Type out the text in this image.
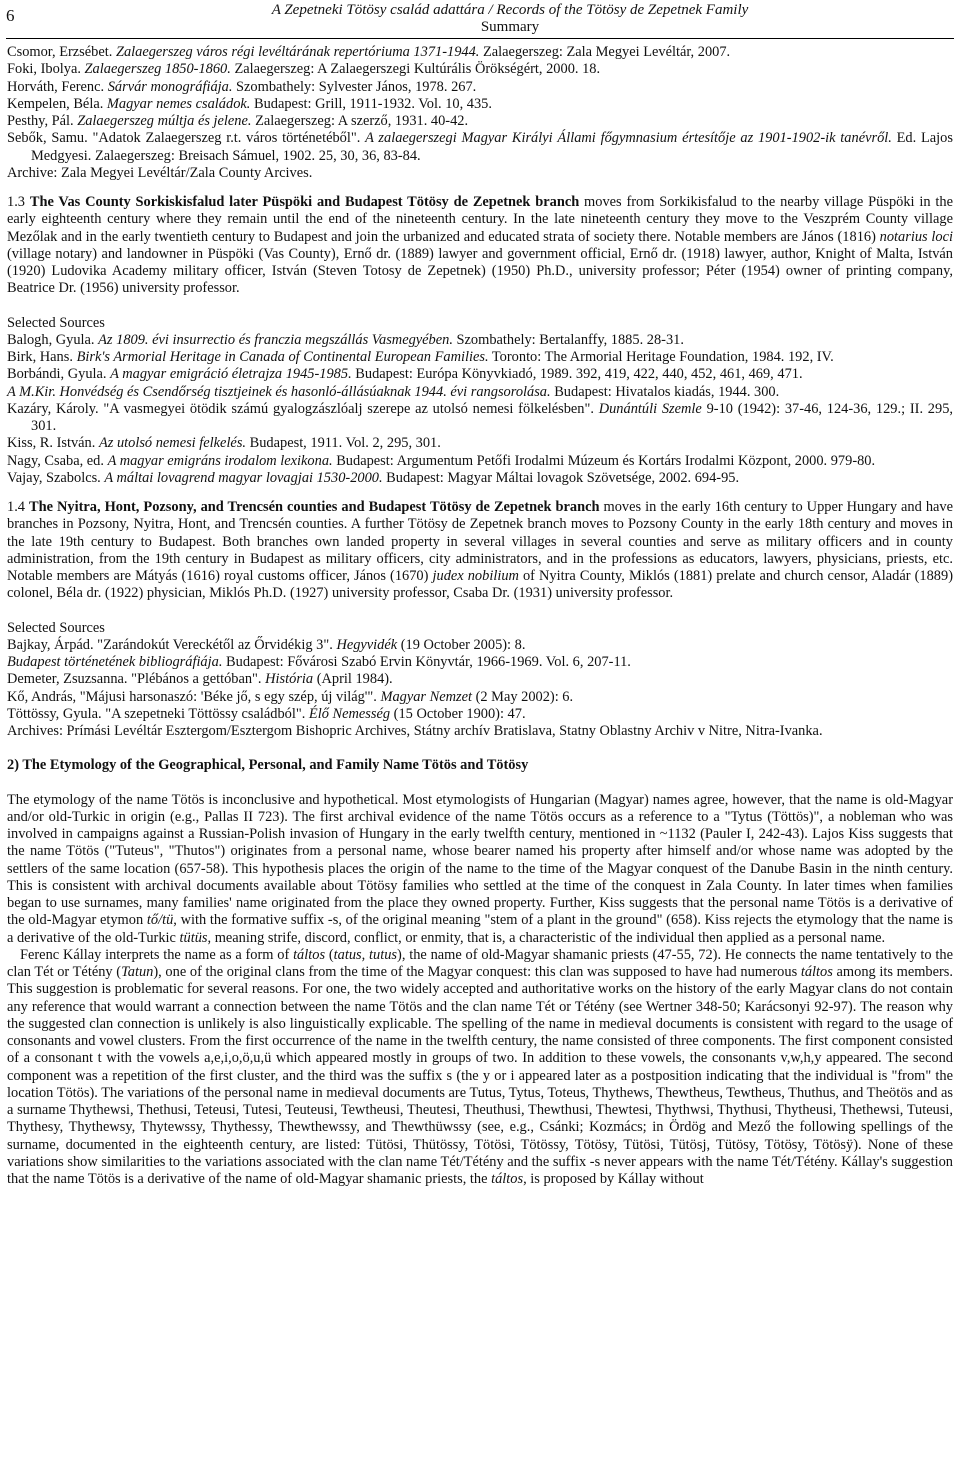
6	A Zepetneki Tötösy család adattára / Records of the Tötösy de Zepetnek Family
Summary

Csomor, Erzsébet. Zalaegerszeg város régi levéltárának repertóriuma 1371-1944. Zalaegerszeg: Zala Megyei Levéltár, 2007.

Foki, Ibolya. Zalaegerszeg 1850-1860. Zalaegerszeg: A Zalaegerszegi Kultúrális Örökségért, 2000. 18.

Horváth, Ferenc. Sárvár monográfiája. Szombathely: Sylvester János, 1978. 267.

Kempelen, Béla. Magyar nemes családok. Budapest: Grill, 1911-1932. Vol. 10, 435.

Pesthy, Pál. Zalaegerszeg múltja és jelene. Zalaegerszeg: A szerző, 1931. 40-42.

Sebők, Samu. "Adatok Zalaegerszeg r.t. város történetéből". A zalaegerszegi Magyar Királyi Állami főgymnasium értesítője az 1901-1902-ik tanévről. Ed. Lajos Medgyesi. Zalaegerszeg: Breisach Sámuel, 1902. 25, 30, 36, 83-84.

Archive: Zala Megyei Levéltár/Zala County Arcives.

1.3 The Vas County Sorkiskisfalud later Püspöki and Budapest Tötösy de Zepetnek branch moves from Sorkikisfalud to the nearby village Püspöki in the early eighteenth century where they remain until the end of the nineteenth century. In the late nineteenth century they move to the Veszprém County village Mezőlak and in the early twentieth century to Budapest and join the urbanized and educated strata of society there. Notable members are János (1816) notarius loci (village notary) and landowner in Püspöki (Vas County), Ernő dr. (1889) lawyer and government official, Ernő dr. (1918) lawyer, author, Knight of Malta, István (1920) Ludovika Academy military officer, István (Steven Totosy de Zepetnek) (1950) Ph.D., university professor; Péter (1954) owner of printing company, Beatrice Dr. (1956) university professor.

Selected Sources

Balogh, Gyula. Az 1809. évi insurrectio és franczia megszállás Vasmegyében. Szombathely: Bertalanffy, 1885. 28-31.

Birk, Hans. Birk's Armorial Heritage in Canada of Continental European Families. Toronto: The Armorial Heritage Foundation, 1984. 192, IV.

Borbándi, Gyula. A magyar emigráció életrajza 1945-1985. Budapest: Európa Könyvkiadó, 1989. 392, 419, 422, 440, 452, 461, 469, 471.

A M.Kir. Honvédség és Csendőrség tisztjeinek és hasonló-állásúaknak 1944. évi rangsorolása. Budapest: Hivatalos kiadás, 1944. 300.

Kazáry, Károly. "A vasmegyei ötödik számú gyalogzászlóalj szerepe az utolsó nemesi fölkelésben". Dunántúli Szemle 9-10 (1942): 37-46, 124-36, 129.; II. 295, 301.

Kiss, R. István. Az utolsó nemesi felkelés. Budapest, 1911. Vol. 2, 295, 301.

Nagy, Csaba, ed. A magyar emigráns irodalom lexikona. Budapest: Argumentum Petőfi Irodalmi Múzeum és Kortárs Irodalmi Központ, 2000. 979-80.

Vajay, Szabolcs. A máltai lovagrend magyar lovagjai 1530-2000. Budapest: Magyar Máltai lovagok Szövetsége, 2002. 694-95.

1.4 The Nyitra, Hont, Pozsony, and Trencsén counties and Budapest Tötösy de Zepetnek branch moves in the early 16th century to Upper Hungary and have branches in Pozsony, Nyitra, Hont, and Trencsén counties. A further Tötösy de Zepetnek branch moves to Pozsony County in the early 18th century and moves in the late 19th century to Budapest. Both branches own landed property in several villages in several counties and serve as military officers and in county administration, from the 19th century in Budapest as military officers, city administrators, and in the professions as educators, lawyers, physicians, priests, etc. Notable members are Mátyás (1616) royal customs officer, János (1670) judex nobilium of Nyitra County, Miklós (1881) prelate and church censor, Aladár (1889) colonel, Béla dr. (1922) physician, Miklós Ph.D. (1927) university professor, Csaba Dr. (1931) university professor.

Selected Sources

Bajkay, Árpád. "Zarándokút Vereckétől az Őrvidékig 3". Hegyvidék (19 October 2005): 8.

Budapest történetének bibliográfiája. Budapest: Fővárosi Szabó Ervin Könyvtár, 1966-1969. Vol. 6, 207-11.

Demeter, Zsuzsanna. "Plébános a gettóban". História (April 1984).

Kő, András, "Májusi harsonaszó: 'Béke jő, s egy szép, új világ'". Magyar Nemzet (2 May 2002): 6.

Töttössy, Gyula. "A szepetneki Töttössy családból". Élő Nemesség (15 October 1900): 47.

Archives: Prímási Levéltár Esztergom/Esztergom Bishopric Archives, Státny archív Bratislava, Statny Oblastny Archiv v Nitre, Nitra-Ivanka.

2) The Etymology of the Geographical, Personal, and Family Name Tötös and Tötösy

The etymology of the name Tötös is inconclusive and hypothetical. Most etymologists of Hungarian (Magyar) names agree, however, that the name is old-Magyar and/or old-Turkic in origin (e.g., Pallas II 723). The first archival evidence of the name Tötös occurs as a reference to a "Tytus (Töttös)", a nobleman who was involved in campaigns against a Russian-Polish invasion of Hungary in the early twelfth century, mentioned in ~1132 (Pauler I, 242-43). Lajos Kiss suggests that the name Tötös ("Tuteus", "Thutos") originates from a personal name, whose bearer named his property after himself and/or whose name was adopted by the settlers of the same location (657-58). This hypothesis places the origin of the name to the time of the Magyar conquest of the Danube Basin in the ninth century. This is consistent with archival documents available about Tötösy families who settled at the time of the conquest in Zala County. In later times when families began to use surnames, many families' name originated from the place they owned property. Further, Kiss suggests that the personal name Tötös is a derivative of the old-Magyar etymon tő/tü, with the formative suffix -s, of the original meaning "stem of a plant in the ground" (658). Kiss rejects the etymology that the name is a derivative of the old-Turkic tütüs, meaning strife, discord, conflict, or enmity, that is, a characteristic of the individual then applied as a personal name.

Ferenc Kállay interprets the name as a form of táltos (tatus, tutus), the name of old-Magyar shamanic priests (47-55, 72). He connects the name tentatively to the clan Tét or Tétény (Tatun), one of the original clans from the time of the Magyar conquest: this clan was supposed to have had numerous táltos among its members. This suggestion is problematic for several reasons. For one, the two widely accepted and authoritative works on the history of the early Magyar clans do not contain any reference that would warrant a connection between the name Tötös and the clan name Tét or Tétény (see Wertner 348-50; Karácsonyi 92-97). The reason why the suggested clan connection is unlikely is also linguistically explicable. The spelling of the name in medieval documents is consistent with regard to the usage of consonants and vowel clusters. From the first occurrence of the name in the twelfth century, the name consisted of three components. The first component consisted of a consonant t with the vowels a,e,i,o,ö,u,ü which appeared mostly in groups of two. In addition to these vowels, the consonants v,w,h,y appeared. The second component was a repetition of the first cluster, and the third was the suffix s (the y or i appeared later as a postposition indicating that the individual is "from" the location Tötös). The variations of the personal name in medieval documents are Tutus, Tytus, Toteus, Thythews, Thewtheus, Tewtheus, Thuthus, and Theötös and as a surname Thythewsi, Thethusi, Teteusi, Tutesi, Teuteusi, Tewtheusi, Theutesi, Theuthusi, Thewthusi, Thewtesi, Thythwsi, Thythusi, Thytheusi, Thethewsi, Tuteusi, Thythesy, Thythewsy, Thytewssy, Thythessy, Thewthewssy, and Thewthüwssy (see, e.g., Csánki; Kozmács; in Ördög and Mező the following spellings of the surname, documented in the eighteenth century, are listed: Tütösi, Thütössy, Tötösi, Tötössy, Tötösy, Tütösi, Tütösj, Tütösy, Tötösy, Tötösÿ). None of these variations show similarities to the variations associated with the clan name Tét/Tétény and the suffix -s never appears with the name Tét/Tétény. Kállay's suggestion that the name Tötös is a derivative of the name of old-Magyar shamanic priests, the táltos, is proposed by Kállay without
